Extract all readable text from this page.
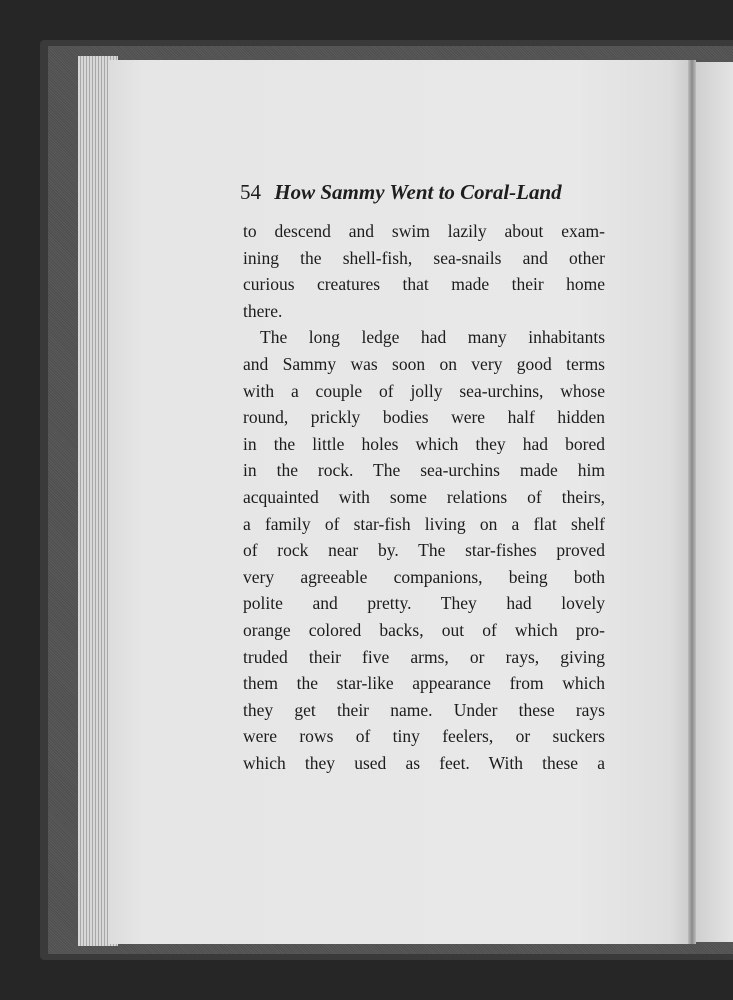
54 How Sammy Went to Coral-Land
to descend and swim lazily about exam-
ining the shell-fish, sea-snails and other
curious creatures that made their home
there.
The long ledge had many inhabitants
and Sammy was soon on very good terms
with a couple of jolly sea-urchins, whose
round, prickly bodies were half hidden
in the little holes which they had bored
in the rock. The sea-urchins made him
acquainted with some relations of theirs,
a family of star-fish living on a flat shelf
of rock near by. The star-fishes proved
very agreeable companions, being both
polite and pretty. They had lovely
orange colored backs, out of which pro-
truded their five arms, or rays, giving
them the star-like appearance from which
they get their name. Under these rays
were rows of tiny feelers, or suckers
which they used as feet. With these a
